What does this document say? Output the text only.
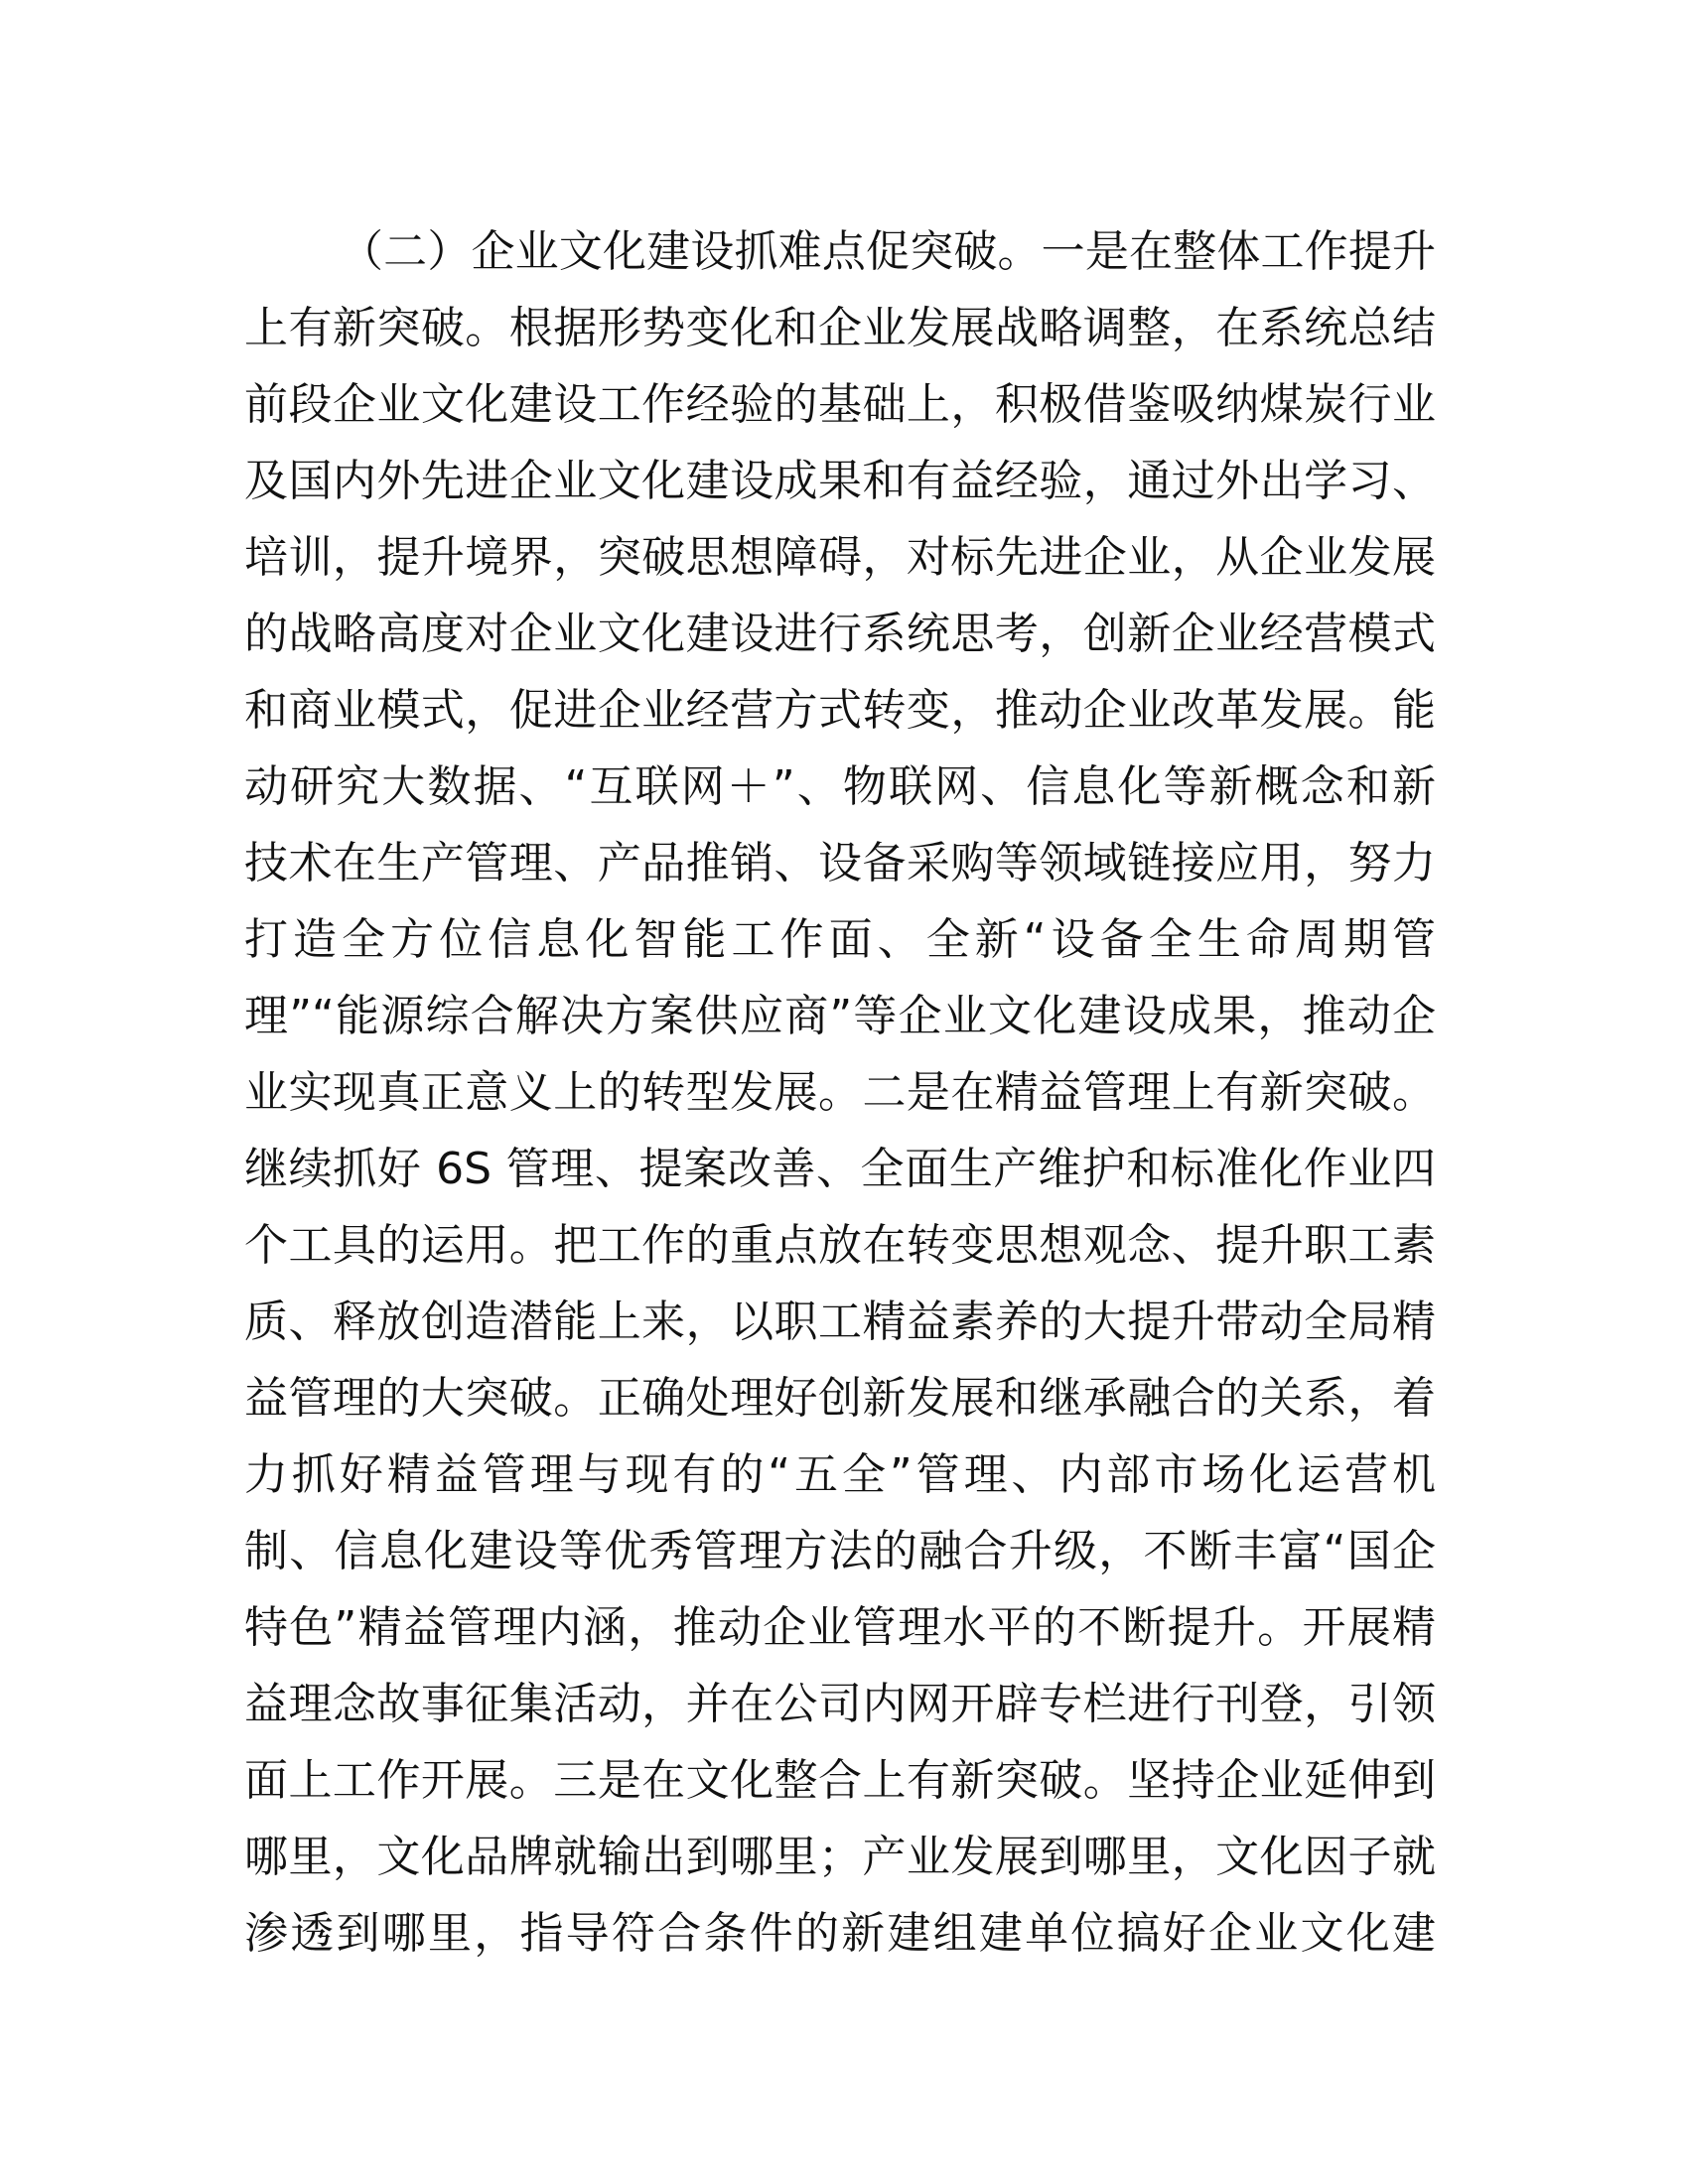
（二）企业文化建设抓难点促突破。一是在整体工作提升
上有新突破。根据形势变化和企业发展战略调整，在系统总结
前段企业文化建设工作经验的基础上，积极借鉴吸纳煤炭行业
及国内外先进企业文化建设成果和有益经验，通过外出学习、
培训，提升境界，突破思想障碍，对标先进企业，从企业发展
的战略高度对企业文化建设进行系统思考，创新企业经营模式
和商业模式，促进企业经营方式转变，推动企业改革发展。能
动研究大数据、“互联网＋”、物联网、信息化等新概念和新
技术在生产管理、产品推销、设备采购等领域链接应用，努力
打造全方位信息化智能工作面、全新“设备全生命周期管
理”“能源综合解决方案供应商”等企业文化建设成果，推动企
业实现真正意义上的转型发展。二是在精益管理上有新突破。
继续抓好 6S 管理、提案改善、全面生产维护和标准化作业四
个工具的运用。把工作的重点放在转变思想观念、提升职工素
质、释放创造潜能上来，以职工精益素养的大提升带动全局精
益管理的大突破。正确处理好创新发展和继承融合的关系，着
力抓好精益管理与现有的“五全”管理、内部市场化运营机
制、信息化建设等优秀管理方法的融合升级，不断丰富“国企
特色”精益管理内涵，推动企业管理水平的不断提升。开展精
益理念故事征集活动，并在公司内网开辟专栏进行刊登，引领
面上工作开展。三是在文化整合上有新突破。坚持企业延伸到
哪里，文化品牌就输出到哪里；产业发展到哪里，文化因子就
渗透到哪里，指导符合条件的新建组建单位搞好企业文化建
